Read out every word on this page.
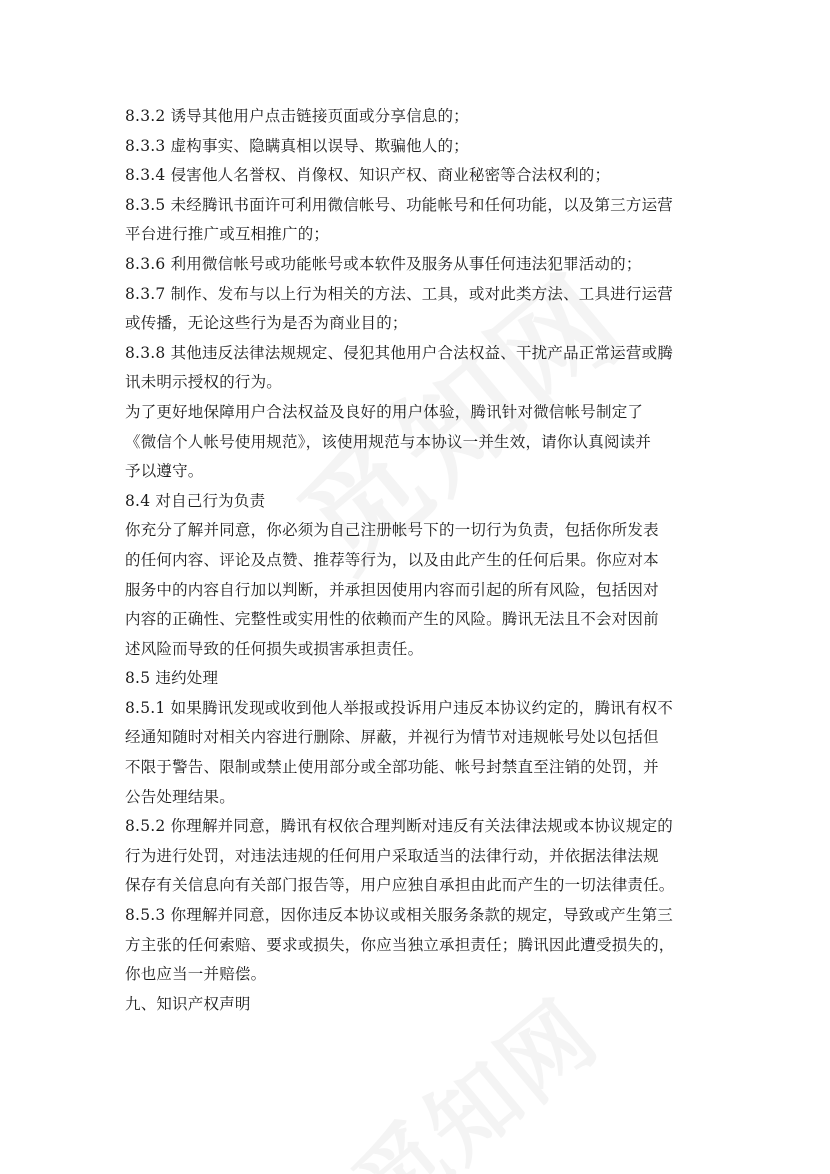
8.3.2 诱导其他用户点击链接页面或分享信息的；
8.3.3 虚构事实、隐瞒真相以误导、欺骗他人的；
8.3.4 侵害他人名誉权、肖像权、知识产权、商业秘密等合法权利的；
8.3.5 未经腾讯书面许可利用微信帐号、功能帐号和任何功能，以及第三方运营
平台进行推广或互相推广的；
8.3.6 利用微信帐号或功能帐号或本软件及服务从事任何违法犯罪活动的；
8.3.7 制作、发布与以上行为相关的方法、工具，或对此类方法、工具进行运营
或传播，无论这些行为是否为商业目的；
8.3.8 其他违反法律法规规定、侵犯其他用户合法权益、干扰产品正常运营或腾
讯未明示授权的行为。
为了更好地保障用户合法权益及良好的用户体验，腾讯针对微信帐号制定了
《微信个人帐号使用规范》，该使用规范与本协议一并生效，请你认真阅读并
予以遵守。
8.4 对自己行为负责
你充分了解并同意，你必须为自己注册帐号下的一切行为负责，包括你所发表
的任何内容、评论及点赞、推荐等行为，以及由此产生的任何后果。你应对本
服务中的内容自行加以判断，并承担因使用内容而引起的所有风险，包括因对
内容的正确性、完整性或实用性的依赖而产生的风险。腾讯无法且不会对因前
述风险而导致的任何损失或损害承担责任。
8.5 违约处理
8.5.1 如果腾讯发现或收到他人举报或投诉用户违反本协议约定的，腾讯有权不
经通知随时对相关内容进行删除、屏蔽，并视行为情节对违规帐号处以包括但
不限于警告、限制或禁止使用部分或全部功能、帐号封禁直至注销的处罚，并
公告处理结果。
8.5.2 你理解并同意，腾讯有权依合理判断对违反有关法律法规或本协议规定的
行为进行处罚，对违法违规的任何用户采取适当的法律行动，并依据法律法规
保存有关信息向有关部门报告等，用户应独自承担由此而产生的一切法律责任。
8.5.3 你理解并同意，因你违反本协议或相关服务条款的规定，导致或产生第三
方主张的任何索赔、要求或损失，你应当独立承担责任；腾讯因此遭受损失的，
你也应当一并赔偿。
九、知识产权声明
